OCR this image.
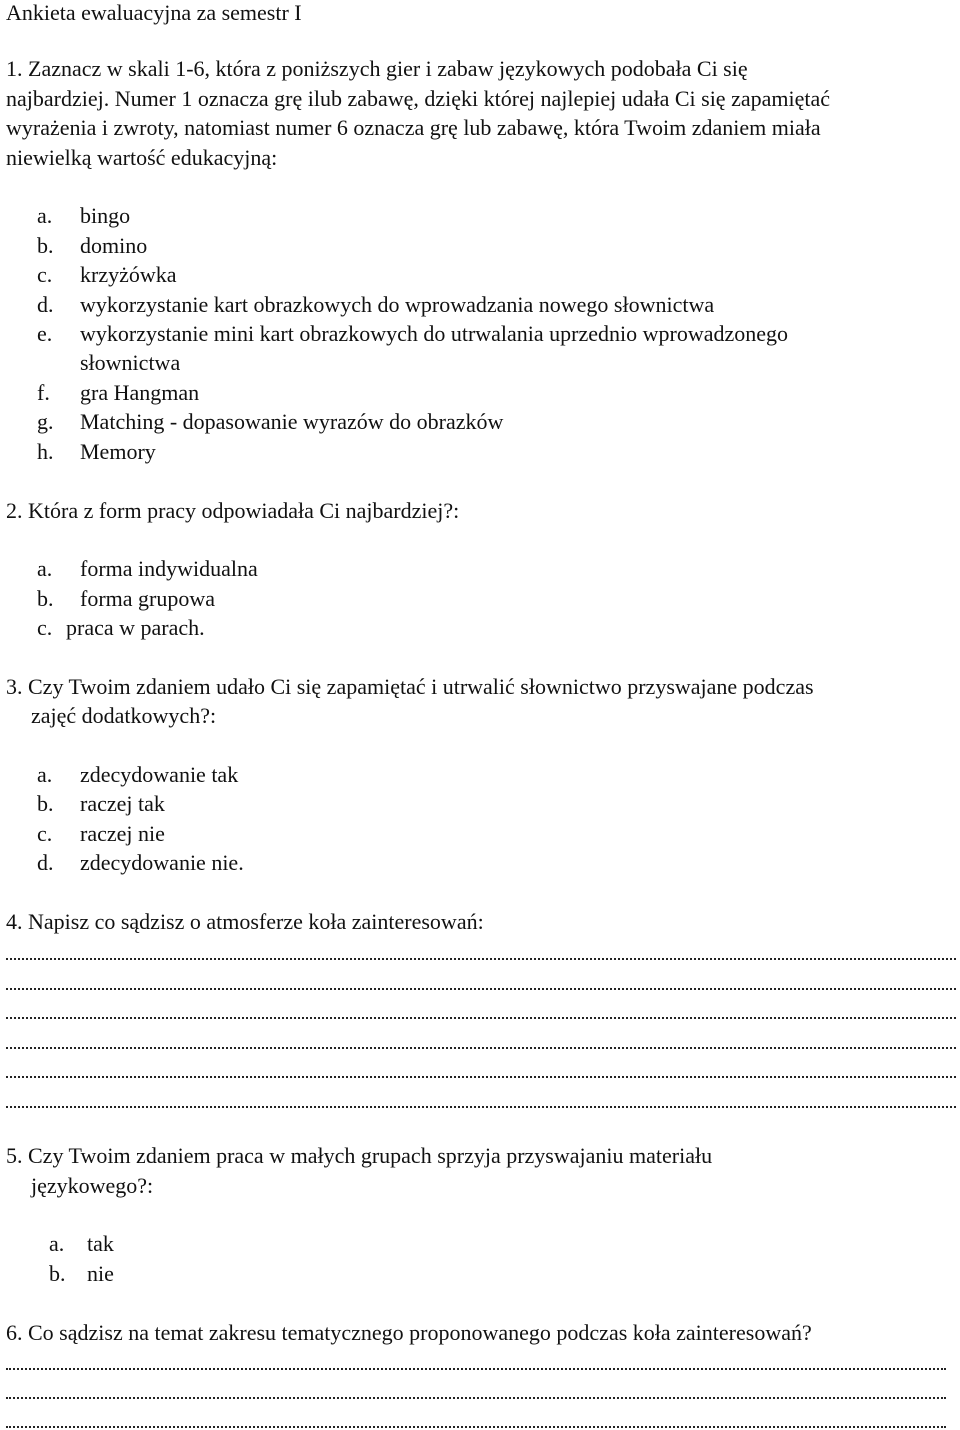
Ankieta ewaluacyjna za semestr I
1. Zaznacz w skali 1-6, która z poniższych gier i zabaw językowych podobała Ci się
najbardziej. Numer 1 oznacza grę ilub zabawę, dzięki której najlepiej udała Ci się zapamiętać
wyrażenia i zwroty, natomiast numer 6 oznacza grę lub zabawę, która Twoim zdaniem miała
niewielką wartość edukacyjną:
a. bingo
b. domino
c. krzyżówka
d. wykorzystanie kart obrazkowych do wprowadzania nowego słownictwa
e. wykorzystanie mini kart obrazkowych do utrwalania uprzednio wprowadzonego
słownictwa
f. gra Hangman
g. Matching - dopasowanie wyrazów do obrazków
h. Memory
2. Która z form pracy odpowiadała Ci najbardziej?:
a. forma indywidualna
b. forma grupowa
c. praca w parach.
3. Czy Twoim zdaniem udało Ci się zapamiętać i utrwalić słownictwo przyswajane podczas
zajęć dodatkowych?:
a. zdecydowanie tak
b. raczej tak
c. raczej nie
d. zdecydowanie nie.
4. Napisz co sądzisz o atmosferze koła zainteresowań:
5. Czy Twoim zdaniem praca w małych grupach sprzyja przyswajaniu materiału
językowego?:
a. tak
b. nie
6. Co sądzisz na temat zakresu tematycznego proponowanego podczas koła zainteresowań?
